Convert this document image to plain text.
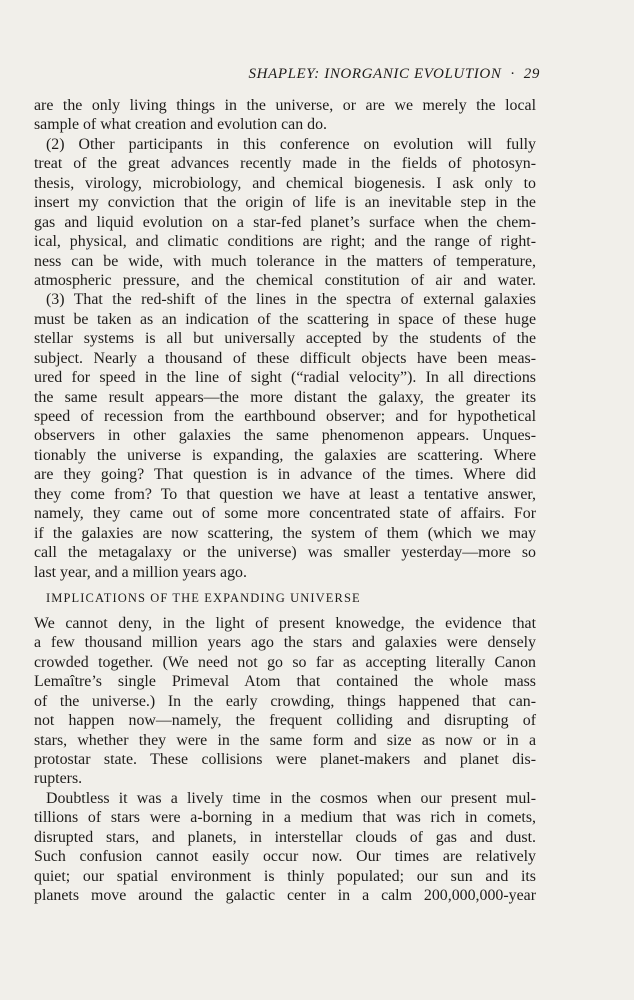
SHAPLEY: INORGANIC EVOLUTION · 29
are the only living things in the universe, or are we merely the local
sample of what creation and evolution can do.
(2) Other participants in this conference on evolution will fully
treat of the great advances recently made in the fields of photosyn-
thesis, virology, microbiology, and chemical biogenesis. I ask only to
insert my conviction that the origin of life is an inevitable step in the
gas and liquid evolution on a star-fed planet’s surface when the chem-
ical, physical, and climatic conditions are right; and the range of right-
ness can be wide, with much tolerance in the matters of temperature,
atmospheric pressure, and the chemical constitution of air and water.
(3) That the red-shift of the lines in the spectra of external galaxies
must be taken as an indication of the scattering in space of these huge
stellar systems is all but universally accepted by the students of the
subject. Nearly a thousand of these difficult objects have been meas-
ured for speed in the line of sight (“radial velocity”). In all directions
the same result appears—the more distant the galaxy, the greater its
speed of recession from the earthbound observer; and for hypothetical
observers in other galaxies the same phenomenon appears. Unques-
tionably the universe is expanding, the galaxies are scattering. Where
are they going? That question is in advance of the times. Where did
they come from? To that question we have at least a tentative answer,
namely, they came out of some more concentrated state of affairs. For
if the galaxies are now scattering, the system of them (which we may
call the metagalaxy or the universe) was smaller yesterday—more so
last year, and a million years ago.
IMPLICATIONS OF THE EXPANDING UNIVERSE
We cannot deny, in the light of present knowedge, the evidence that
a few thousand million years ago the stars and galaxies were densely
crowded together. (We need not go so far as accepting literally Canon
Lemaître’s single Primeval Atom that contained the whole mass
of the universe.) In the early crowding, things happened that can-
not happen now—namely, the frequent colliding and disrupting of
stars, whether they were in the same form and size as now or in a
protostar state. These collisions were planet-makers and planet dis-
rupters.
Doubtless it was a lively time in the cosmos when our present mul-
tillions of stars were a-borning in a medium that was rich in comets,
disrupted stars, and planets, in interstellar clouds of gas and dust.
Such confusion cannot easily occur now. Our times are relatively
quiet; our spatial environment is thinly populated; our sun and its
planets move around the galactic center in a calm 200,000,000-year
